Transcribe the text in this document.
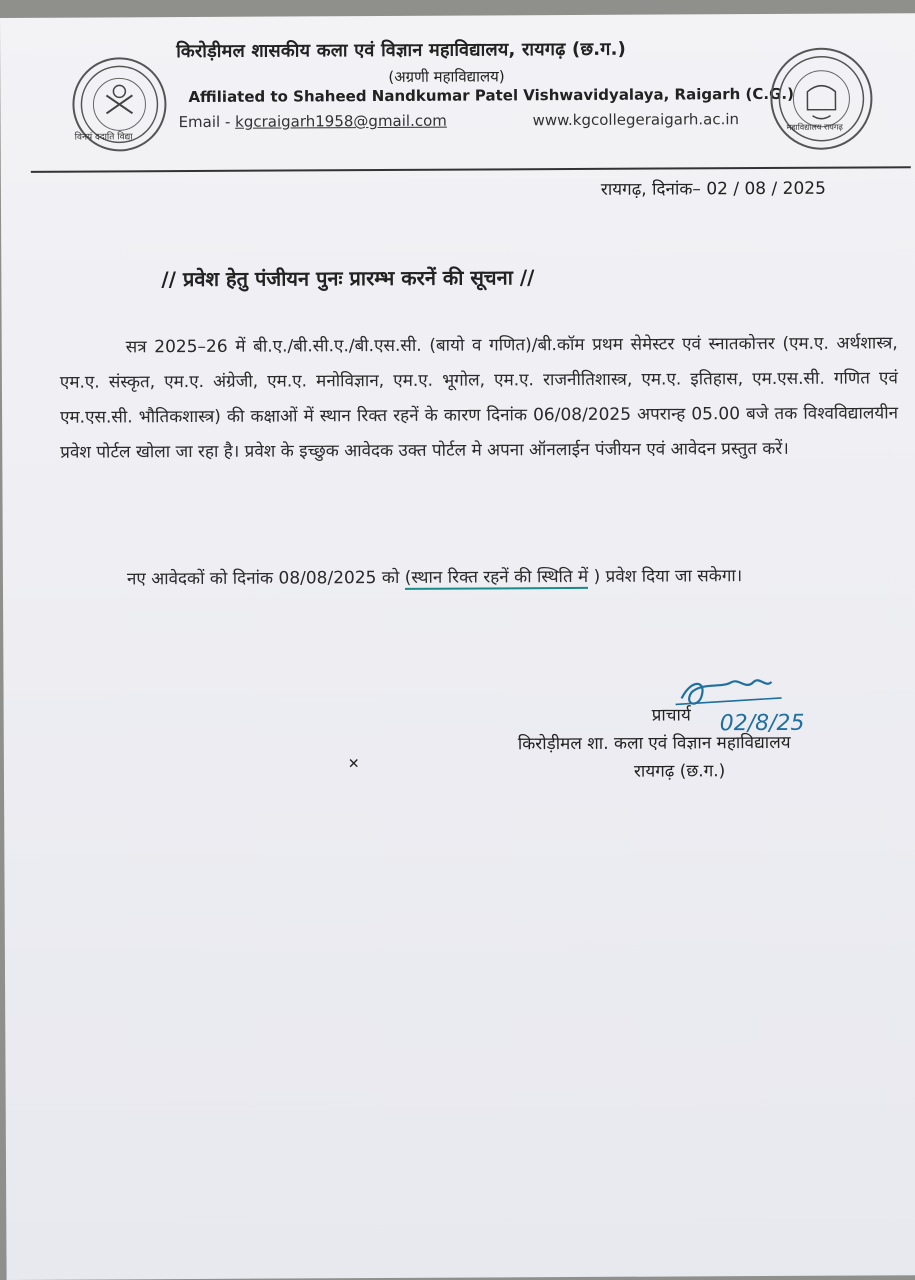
विनयं ददाति विद्या
किरोड़ीमल शासकीय कला एवं विज्ञान महाविद्यालय, रायगढ़ (छ.ग.)
(अग्रणी महाविद्यालय)
Affiliated to Shaheed Nandkumar Patel Vishwavidyalaya, Raigarh (C.G.)
Email - kgcraigarh1958@gmail.com	www.kgcollegeraigarh.ac.in	महाविद्यालय रायगढ़
रायगढ़, दिनांक– 02 / 08 / 2025
// प्रवेश हेतु पंजीयन पुनः प्रारम्भ करनें की सूचना //
सत्र 2025–26 में बी.ए./बी.सी.ए./बी.एस.सी. (बायो व गणित)/बी.कॉम प्रथम सेमेस्टर एवं स्नातकोत्तर (एम.ए. अर्थशास्त्र, एम.ए. संस्कृत, एम.ए. अंग्रेजी, एम.ए. मनोविज्ञान, एम.ए. भूगोल, एम.ए. राजनीतिशास्त्र, एम.ए. इतिहास, एम.एस.सी. गणित एवं एम.एस.सी. भौतिकशास्त्र) की कक्षाओं में स्थान रिक्त रहनें के कारण दिनांक 06/08/2025 अपरान्ह 05.00 बजे तक विश्वविद्यालयीन प्रवेश पोर्टल खोला जा रहा है। प्रवेश के इच्छुक आवेदक उक्त पोर्टल मे अपना ऑनलाईन पंजीयन एवं आवेदन प्रस्तुत करें।
नए आवेदकों को दिनांक 08/08/2025 को (स्थान रिक्त रहनें की स्थिति में ) प्रवेश दिया जा सकेगा।
✕
02/8/25
प्राचार्य
किरोड़ीमल शा. कला एवं विज्ञान महाविद्यालय
रायगढ़ (छ.ग.)
